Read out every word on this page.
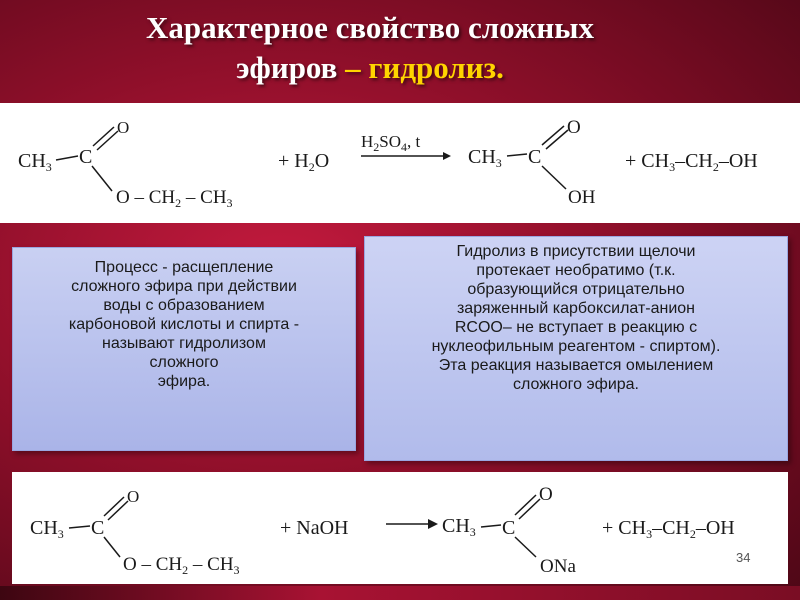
Характерное свойство сложных
эфиров – гидролиз.
$CH_3$ C
O
O – $CH_2 - CH_3$
+ $H_2O$
$H_2SO_4$, t
$CH_3$ C
O
OH
+ $CH_3-CH_2-OH$
Процесс - расщепление
сложного эфира при действии
воды с образованием
карбоновой кислоты и спирта -
называют гидролизом
сложного
эфира.
Гидролиз в присутствии щелочи
протекает необратимо (т.к.
образующийся отрицательно
заряженный карбоксилат-анион
RCOO– не вступает в реакцию с
нуклеофильным реагентом - спиртом).
Эта реакция называется омылением
сложного эфира.
$CH_3$ C
O
O – $CH_2 - CH_3$
+ NaOH	$CH_3$ C
O
ONa
+ $CH_3-CH_2-OH$
34
